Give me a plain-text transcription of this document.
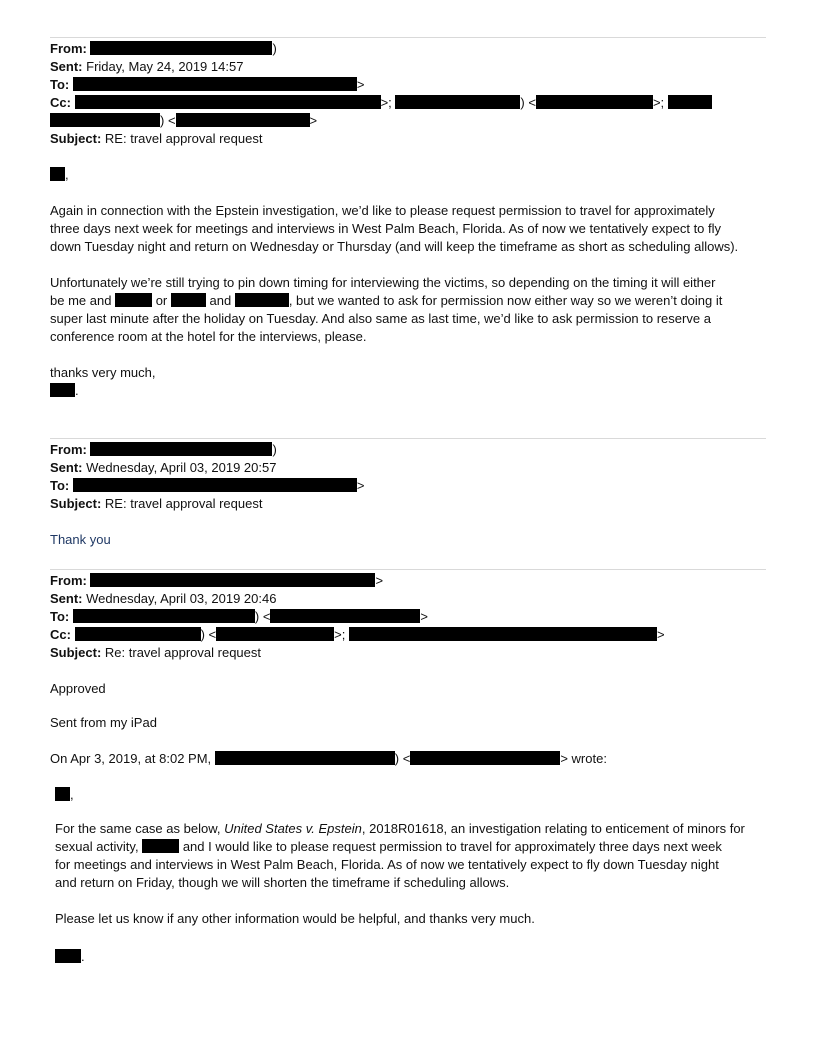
From:	)
Sent: Friday, May 24, 2019 14:57
To:	>
Cc:	>;	) <	>;
) <	>
Subject: RE: travel approval request
,
Again in connection with the Epstein investigation, we’d like to please request permission to travel for approximately
three days next week for meetings and interviews in West Palm Beach, Florida. As of now we tentatively expect to fly
down Tuesday night and return on Wednesday or Thursday (and will keep the timeframe as short as scheduling allows).
Unfortunately we’re still trying to pin down timing for interviewing the victims, so depending on the timing it will either
be me and	or	and	, but we wanted to ask for permission now either way so we weren’t doing it
super last minute after the holiday on Tuesday. And also same as last time, we’d like to ask permission to reserve a
conference room at the hotel for the interviews, please.
thanks very much,
.
From:	)
Sent: Wednesday, April 03, 2019 20:57
To:	>
Subject: RE: travel approval request
Thank you
From:	>
Sent: Wednesday, April 03, 2019 20:46
To:	) <	>
Cc:	) <	>;	>
Subject: Re: travel approval request
Approved
Sent from my iPad
On Apr 3, 2019, at 8:02 PM,	) <	> wrote:
,
For the same case as below, United States v. Epstein, 2018R01618, an investigation relating to enticement of minors for
sexual activity,	and I would like to please request permission to travel for approximately three days next week
for meetings and interviews in West Palm Beach, Florida. As of now we tentatively expect to fly down Tuesday night
and return on Friday, though we will shorten the timeframe if scheduling allows.
Please let us know if any other information would be helpful, and thanks very much.
.
